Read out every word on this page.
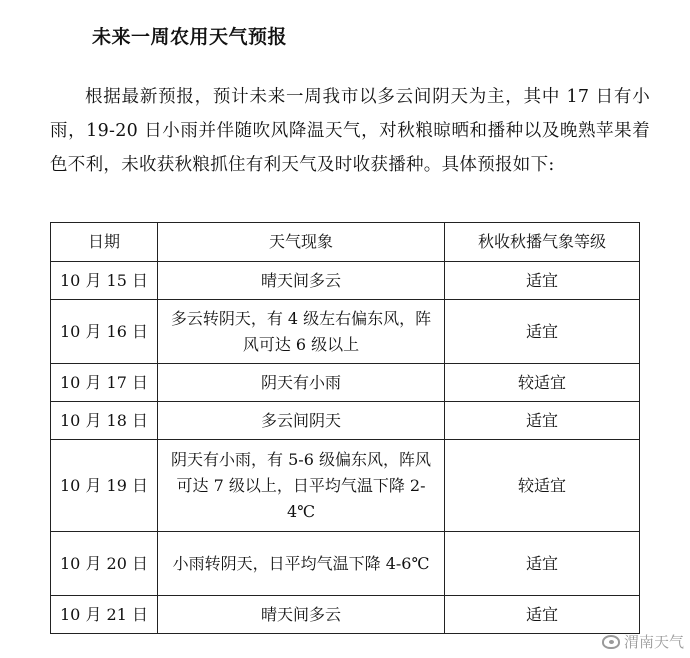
未来一周农用天气预报

根据最新预报，预计未来一周我市以多云间阴天为主，其中 17 日有小雨，19-20 日小雨并伴随吹风降温天气，对秋粮晾晒和播种以及晚熟苹果着色不利，未收获秋粮抓住有利天气及时收获播种。具体预报如下:

日期	天气现象	秋收秋播气象等级
10 月 15 日	晴天间多云	适宜
10 月 16 日	多云转阴天，有 4 级左右偏东风，阵风可达 6 级以上	适宜
10 月 17 日	阴天有小雨	较适宜
10 月 18 日	多云间阴天	适宜
10 月 19 日	阴天有小雨，有 5-6 级偏东风，阵风可达 7 级以上，日平均气温下降 2-4℃	较适宜
10 月 20 日	小雨转阴天，日平均气温下降 4-6℃	适宜
10 月 21 日	晴天间多云	适宜
渭南天气
